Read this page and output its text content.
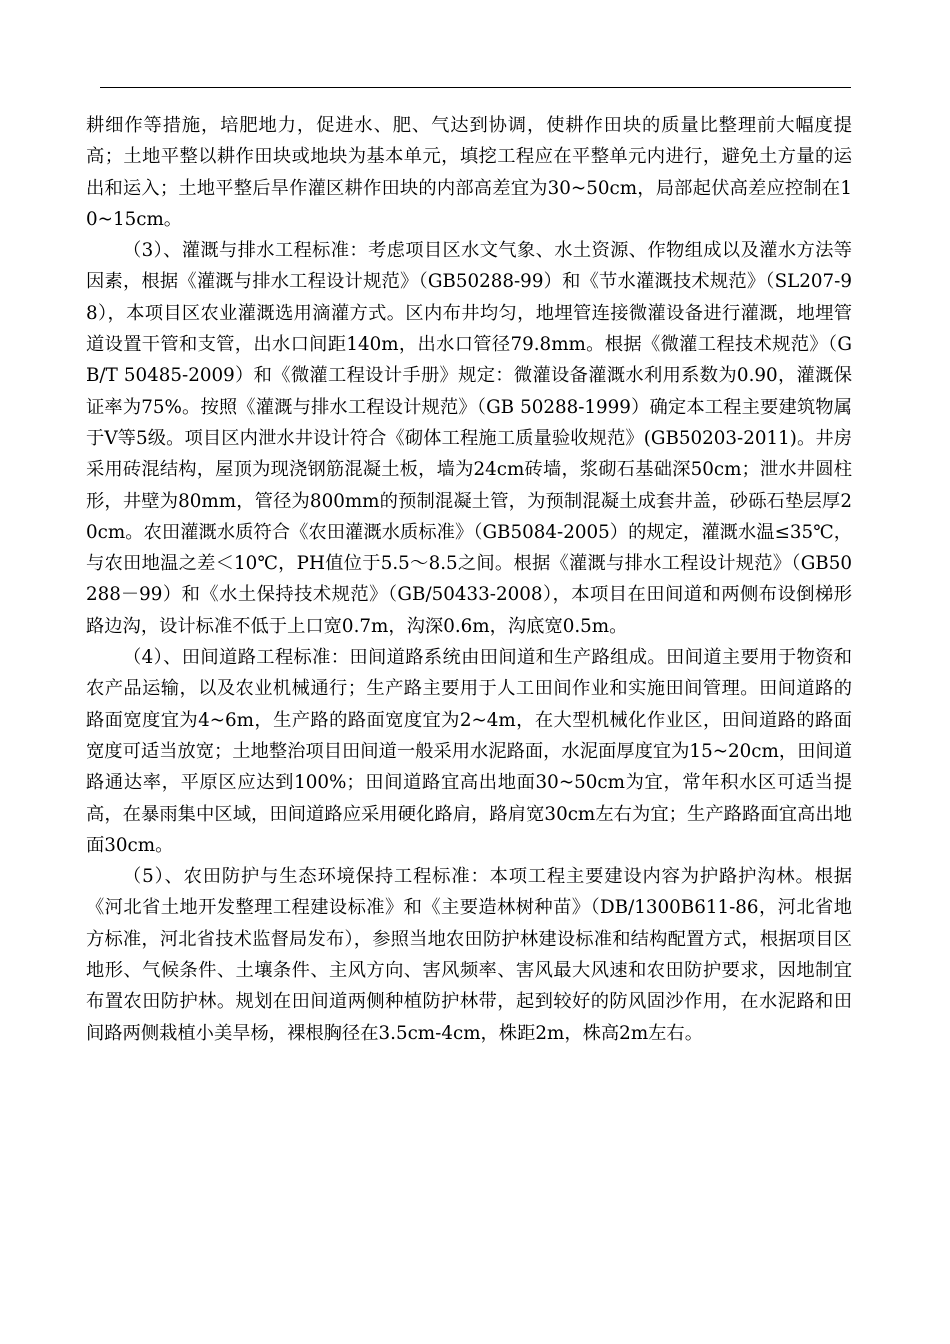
耕细作等措施，培肥地力，促进水、肥、气达到协调，使耕作田块的质量比整理前大幅度提高；土地平整以耕作田块或地块为基本单元，填挖工程应在平整单元内进行，避免土方量的运出和运入；土地平整后旱作灌区耕作田块的内部高差宜为30~50cm，局部起伏高差应控制在10~15cm。

（3）、灌溉与排水工程标准：考虑项目区水文气象、水土资源、作物组成以及灌水方法等因素，根据《灌溉与排水工程设计规范》（GB50288-99）和《节水灌溉技术规范》（SL207-98），本项目区农业灌溉选用滴灌方式。区内布井均匀，地埋管连接微灌设备进行灌溉，地埋管道设置干管和支管，出水口间距140m，出水口管径79.8mm。根据《微灌工程技术规范》（GB/T 50485-2009）和《微灌工程设计手册》规定：微灌设备灌溉水利用系数为0.90，灌溉保证率为75%。按照《灌溉与排水工程设计规范》（GB 50288-1999）确定本工程主要建筑物属于Ⅴ等5级。项目区内泄水井设计符合《砌体工程施工质量验收规范》(GB50203-2011)。井房采用砖混结构，屋顶为现浇钢筋混凝土板，墙为24cm砖墙，浆砌石基础深50cm；泄水井圆柱形，井壁为80mm，管径为800mm的预制混凝土管，为预制混凝土成套井盖，砂砾石垫层厚20cm。农田灌溉水质符合《农田灌溉水质标准》（GB5084-2005）的规定，灌溉水温≤35℃，与农田地温之差＜10℃，PH值位于5.5～8.5之间。根据《灌溉与排水工程设计规范》（GB50288－99）和《水土保持技术规范》（GB/50433-2008），本项目在田间道和两侧布设倒梯形路边沟，设计标准不低于上口宽0.7m，沟深0.6m，沟底宽0.5m。

（4）、田间道路工程标准：田间道路系统由田间道和生产路组成。田间道主要用于物资和农产品运输，以及农业机械通行；生产路主要用于人工田间作业和实施田间管理。田间道路的路面宽度宜为4~6m，生产路的路面宽度宜为2~4m，在大型机械化作业区，田间道路的路面宽度可适当放宽；土地整治项目田间道一般采用水泥路面，水泥面厚度宜为15~20cm，田间道路通达率，平原区应达到100%；田间道路宜高出地面30~50cm为宜，常年积水区可适当提高，在暴雨集中区域，田间道路应采用硬化路肩，路肩宽30cm左右为宜；生产路路面宜高出地面30cm。

（5）、农田防护与生态环境保持工程标准：本项工程主要建设内容为护路护沟林。根据《河北省土地开发整理工程建设标准》和《主要造林树种苗》（DB/1300B611-86，河北省地方标准，河北省技术监督局发布），参照当地农田防护林建设标准和结构配置方式，根据项目区地形、气候条件、土壤条件、主风方向、害风频率、害风最大风速和农田防护要求，因地制宜布置农田防护林。规划在田间道两侧种植防护林带，起到较好的防风固沙作用，在水泥路和田间路两侧栽植小美旱杨，裸根胸径在3.5cm-4cm，株距2m，株高2m左右。
